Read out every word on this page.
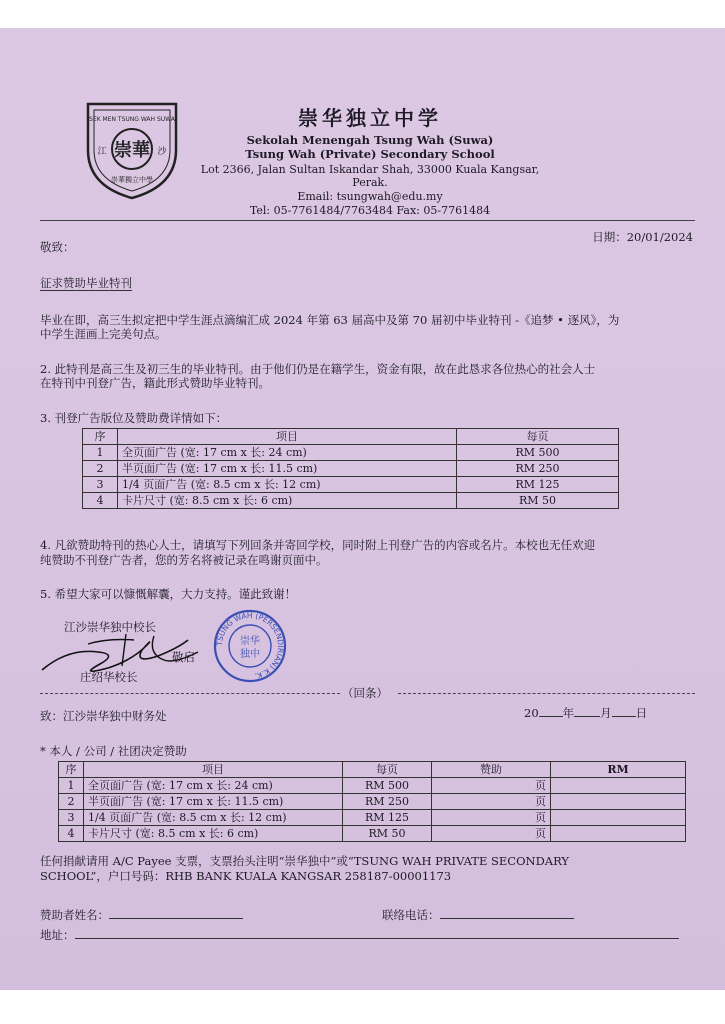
SEK MEN TSUNG WAH SUWA
崇華
江	沙
崇華獨立中學
崇华独立中学
Sekolah Menengah Tsung Wah (Suwa)
Tsung Wah (Private) Secondary School
Lot 2366, Jalan Sultan Iskandar Shah, 33000 Kuala Kangsar, Perak.
Email: tsungwah@edu.my
Tel: 05-7761484/7763484 Fax: 05-7761484
日期：20/01/2024
敬致：
征求赞助毕业特刊
毕业在即，高三生拟定把中学生涯点滴编汇成 2024 年第 63 届高中及第 70 届初中毕业特刊 -《追梦 • 逐风》，为
中学生涯画上完美句点。
2. 此特刊是高三生及初三生的毕业特刊。由于他们仍是在籍学生，资金有限，故在此恳求各位热心的社会人士
在特刊中刊登广告，籍此形式赞助毕业特刊。
3. 刊登广告版位及赞助费详情如下：
序	项目	每页
1	全页面广告 (宽: 17 cm x 长: 24 cm)	RM 500
2	半页面广告 (宽: 17 cm x 长: 11.5 cm)	RM 250
3	1/4 页面广告 (宽: 8.5 cm x 长: 12 cm)	RM 125
4	卡片尺寸 (宽: 8.5 cm x 长: 6 cm)	RM 50
4. 凡欲赞助特刊的热心人士，请填写下列回条并寄回学校，同时附上刊登广告的内容或名片。本校也无任欢迎
纯赞助不刊登广告者，您的芳名将被记录在鸣谢页面中。
5. 希望大家可以慷慨解囊，大力支持。谨此致谢！
江沙崇华独中校长
敬启
庄绍华校长
TSUNG WAH (PERSENDIRIAN) K.K.
崇华
独中
（回条）
致：江沙崇华独中财务处	20 年 月 日
* 本人 / 公司 / 社团决定赞助
序	项目	每页	赞助	RM
1	全页面广告 (宽: 17 cm x 长: 24 cm)	RM 500	页	
2	半页面广告 (宽: 17 cm x 长: 11.5 cm)	RM 250	页	
3	1/4 页面广告 (宽: 8.5 cm x 长: 12 cm)	RM 125	页	
4	卡片尺寸 (宽: 8.5 cm x 长: 6 cm)	RM 50	页	
任何捐献请用 A/C Payee 支票，支票抬头注明“崇华独中”或“TSUNG WAH PRIVATE SECONDARY
SCHOOL”，户口号码：RHB BANK KUALA KANGSAR 258187-00001173
赞助者姓名：	联络电话：
地址：
